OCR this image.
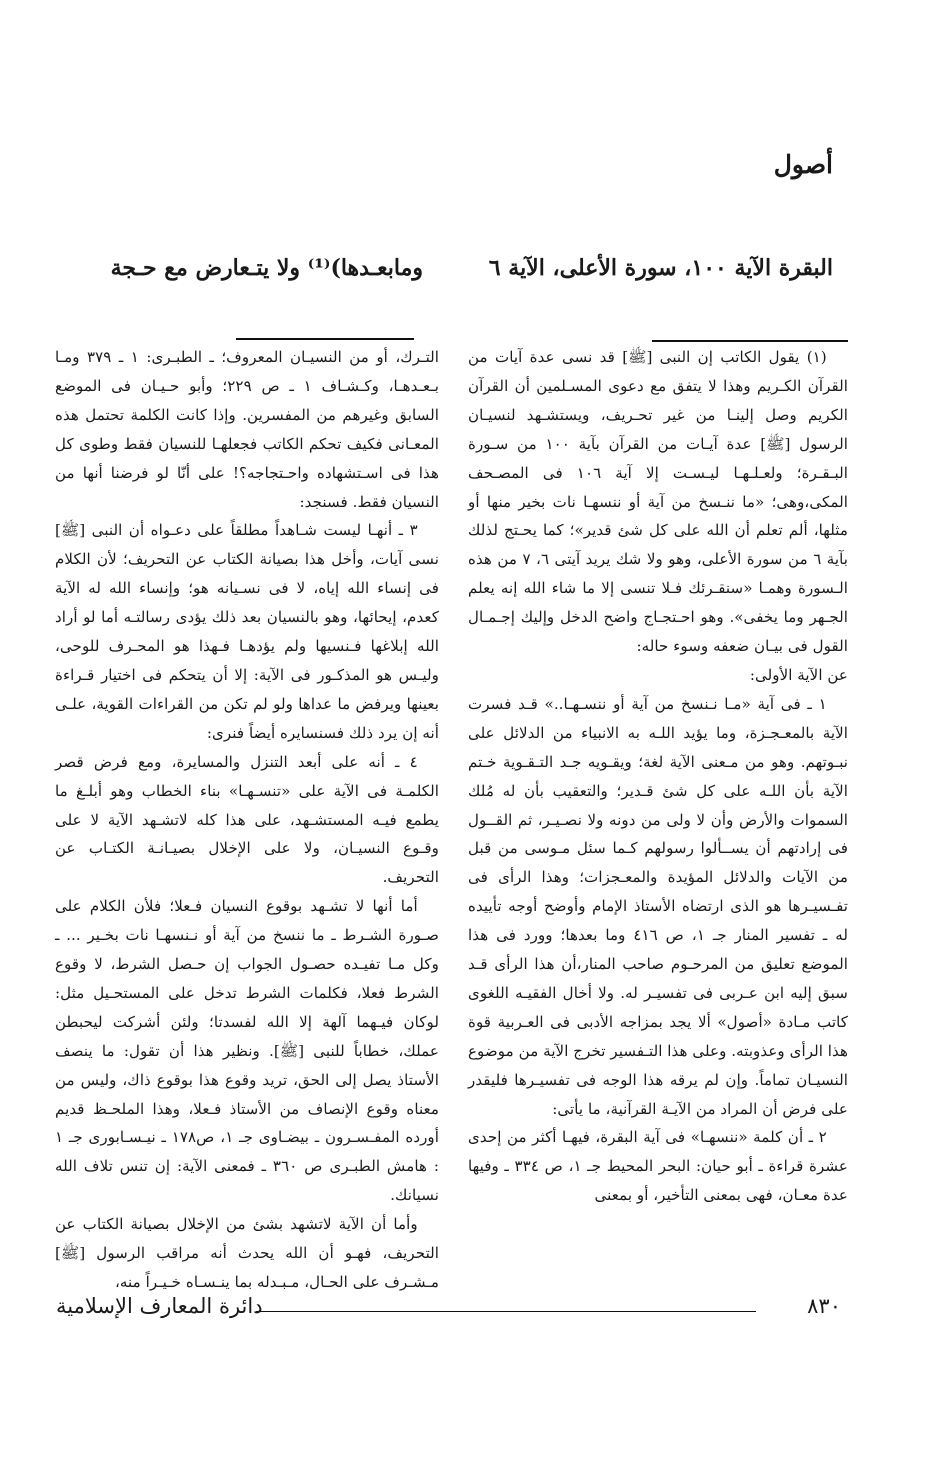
أصول
البقرة الآية ١٠٠، سورة الأعلى، الآية ٦
ومابعـدها)⁽¹⁾ ولا يتـعارض مع حـجة

(١) يقول الكاتب إن النبى [ﷺ] قد نسى عدة آيات من القرآن الكـريم وهذا لا يتفق مع دعوى المسـلمين أن القرآن الكريم وصل إلينـا من غير تحـريف، ويستشـهد لنسيـان الرسول [ﷺ] عدة آيـات من القرآن بآية ١٠٠ من سـورة البـقـرة؛ ولعـلـهـا ليـسـت إلا آية ١٠٦ فى المصـحف المكى،وهى؛ «ما ننـسخ من آية أو ننسهـا نات بخير منها أو مثلها، ألم تعلم أن الله على كل شئ قدير»؛ كما يحـتج لذلك بآية ٦ من سورة الأعلى، وهو ولا شك يريد آيتى ٦، ٧ من هذه الـسورة وهمـا «سنقـرئك فـلا تنسى إلا ما شاء الله إنه يعلم الجـهر وما يخفى». وهو احـتجـاج واضح الدخل وإليك إجـمـال القول فى بيـان ضعفه وسوء حاله:

عن الآية الأولى:

١ ـ فى آية «مـا نـنسخ من آية أو ننسـهـا..» قـد فسرت الآية بالمعـجـزة، وما يؤيد اللـه به الانبياء من الدلائل على نبـوتهم. وهو من مـعنى الآية لغة؛ ويقـويه جـد التـقـوية خـتم الآية بأن اللـه على كل شئ قـدير؛ والتعقيب بأن له مُلك السموات والأرض وأن لا ولى من دونه ولا نصـيـر، ثم القــول فى إرادتهم أن يســألوا رسولهم كـما سئل مـوسى من قبل من الآيات والدلائل المؤيدة والمعـجزات؛ وهذا الرأى فى تفـسيـرها هو الذى ارتضاه الأستاذ الإمام وأوضح أوجه تأييده له ـ تفسير المنار جـ ١، ص ٤١٦ وما بعدها؛ وورد فى هذا الموضع تعليق من المرحـوم صاحب المنار،أن هذا الرأى قـد سبق إليه ابن عـربى فى تفسيـر له. ولا أخال الفقيـه اللغوى كاتب مـادة «أصول» ألا يجد بمزاجه الأدبى فى العـربية قوة هذا الرأى وعذوبته. وعلى هذا التـفسير تخرج الآية من موضوع النسيـان تماماً. وإن لم يرقه هذا الوجه فى تفسيـرها فليقدر على فرض أن المراد من الآيـة القرآنية، ما يأتى:

٢ ـ أن كلمة «ننسهـا» فى آية البقرة، فيهـا أكثر من إحدى عشرة قراءة ـ أبو حيان: البحر المحيط جـ ١، ص ٣٣٤ ـ وفيها عدة معـان، فهى بمعنى التأخير، أو بمعنى

التـرك، أو من النسيـان المعروف؛ ـ الطبـرى: ١ ـ ٣٧٩ ومـا بـعـدهـا، وكـشـاف ١ ـ ص ٢٢٩؛ وأبو حـيـان فى الموضع السابق وغيرهم من المفسرين. وإذا كانت الكلمة تحتمل هذه المعـانى فكيف تحكم الكاتب فجعلهـا للنسيان فقط وطوى كل هذا فى اسـتشهاده واحـتجاجه؟! على أنّا لو فرضنا أنها من النسيان فقط. فسنجد:

٣ ـ أنهـا ليست شـاهداً مطلقاً على دعـواه أن النبى [ﷺ] نسى آيات، وأخل هذا بصيانة الكتاب عن التحريف؛ لأن الكلام فى إنساء الله إياه، لا فى نسـيانه هو؛ وإنساء الله له الآية كعدم، إيحائها، وهو بالنسيان بعد ذلك يؤدى رسالتـه أما لو أراد الله إبلاغها فـنسيها ولم يؤدهـا فـهذا هو المحـرف للوحى، وليـس هو المذكـور فى الآية: إلا أن يتحكم فى اختيار قـراءة بعينها ويرفض ما عداها ولو لم تكن من القراءات القوية، علـى أنه إن يرد ذلك فسنسايره أيضاً فنرى:

٤ ـ أنه على أبعد التنزل والمسايرة، ومع فرض قصر الكلمـة فى الآية على «تنسـهـا» بناء الخطاب وهو أبلـغ ما يطمع فيـه المستشـهد، على هذا كله لاتشـهد الآية لا على وقـوع النسيـان، ولا على الإخلال بصيـانـة الكتـاب عن التحريف.

أما أنها لا تشـهد بوقوع النسيان فـعلا؛ فلأن الكلام على صـورة الشـرط ـ ما ننسخ من آية أو نـنسهـا نات بخـير ... ـ وكل مـا تفيـده حصـول الجواب إن حـصل الشرط، لا وقوع الشرط فعلا، فكلمات الشرط تدخل على المستحـيل مثل: لوكان فيـهما آلهة إلا الله لفسدتا؛ ولئن أشركت ليحبطن عملك، خطاباً للنبى [ﷺ]. ونظير هذا أن تقول: ما ينصف الأستاذ يصل إلى الحق، تريد وقوع هذا بوقوع ذاك، وليس من معناه وقوع الإنصاف من الأستاذ فـعلا، وهذا الملحـظ قديم أورده المفـسـرون ـ بيضـاوى جـ ١، ص١٧٨ ـ نيـسـابورى جـ ١ : هامش الطبـرى ص ٣٦٠ ـ فمعنى الآية: إن تنس تلاف الله نسيانك.

وأما أن الآية لاتشهد بشئ من الإخلال بصيانة الكتاب عن التحريف، فهـو أن الله يحدث أنه مراقب الرسول [ﷺ] مـشـرف على الحـال، مـبـدله بما ينـسـاه خـيـراً منه،

٨٣٠
دائرة المعارف الإسلامية
